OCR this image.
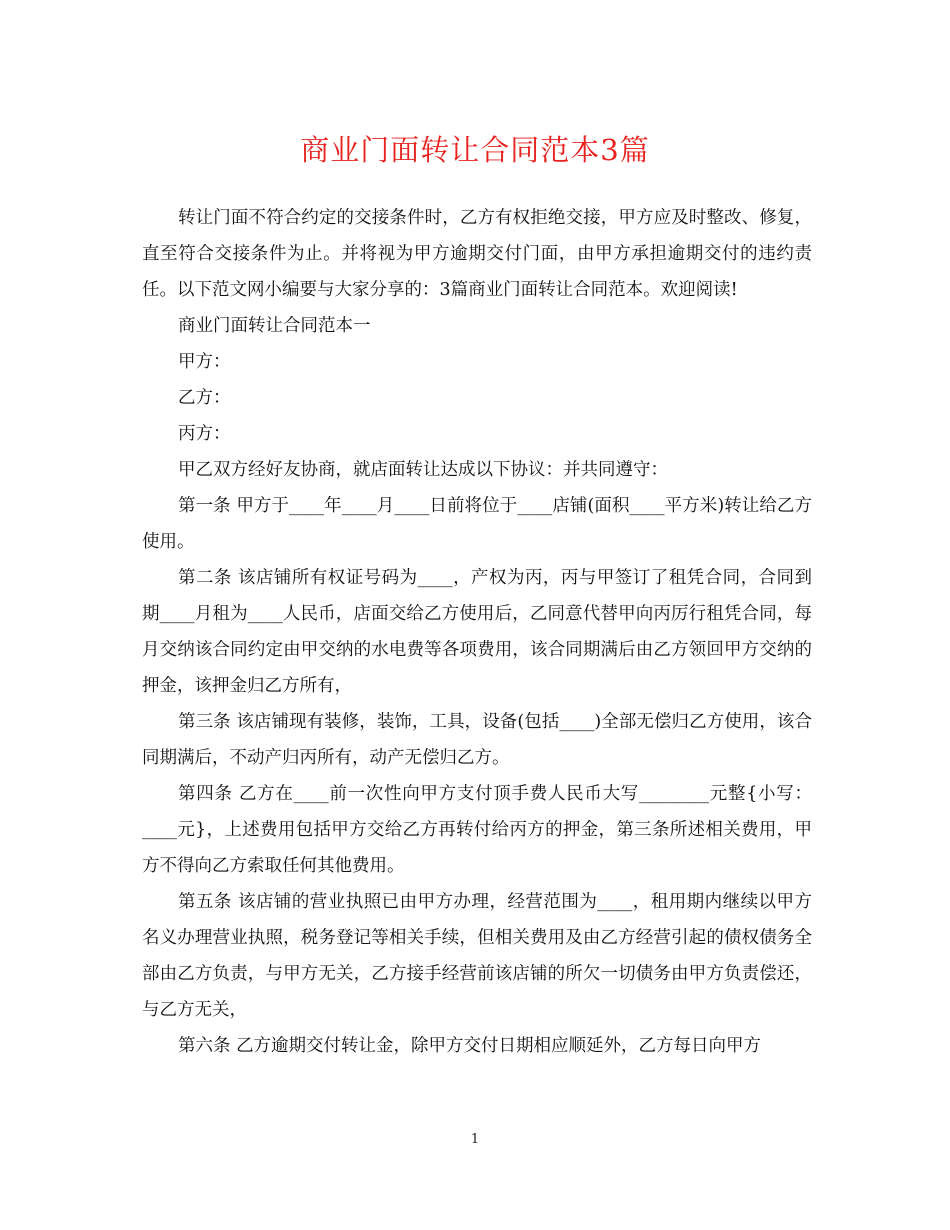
商业门面转让合同范本3篇

转让门面不符合约定的交接条件时，乙方有权拒绝交接，甲方应及时整改、修复，直至符合交接条件为止。并将视为甲方逾期交付门面，由甲方承担逾期交付的违约责任。以下范文网小编要与大家分享的：3篇商业门面转让合同范本。欢迎阅读!

商业门面转让合同范本一

甲方：

乙方：

丙方：

甲乙双方经好友协商，就店面转让达成以下协议：并共同遵守：

第一条 甲方于____年____月____日前将位于____店铺(面积____平方米)转让给乙方使用。

第二条 该店铺所有权证号码为____，产权为丙，丙与甲签订了租凭合同，合同到期____月租为____人民币，店面交给乙方使用后，乙同意代替甲向丙厉行租凭合同，每月交纳该合同约定由甲交纳的水电费等各项费用，该合同期满后由乙方领回甲方交纳的押金，该押金归乙方所有，

第三条 该店铺现有装修，装饰，工具，设备(包括____)全部无偿归乙方使用，该合同期满后，不动产归丙所有，动产无偿归乙方。

第四条 乙方在____前一次性向甲方支付顶手费人民币大写________元整{小写：____元}，上述费用包括甲方交给乙方再转付给丙方的押金，第三条所述相关费用，甲方不得向乙方索取任何其他费用。

第五条 该店铺的营业执照已由甲方办理，经营范围为____，租用期内继续以甲方名义办理营业执照，税务登记等相关手续，但相关费用及由乙方经营引起的债权债务全部由乙方负责，与甲方无关，乙方接手经营前该店铺的所欠一切债务由甲方负责偿还，与乙方无关，

第六条 乙方逾期交付转让金，除甲方交付日期相应顺延外，乙方每日向甲方

1
